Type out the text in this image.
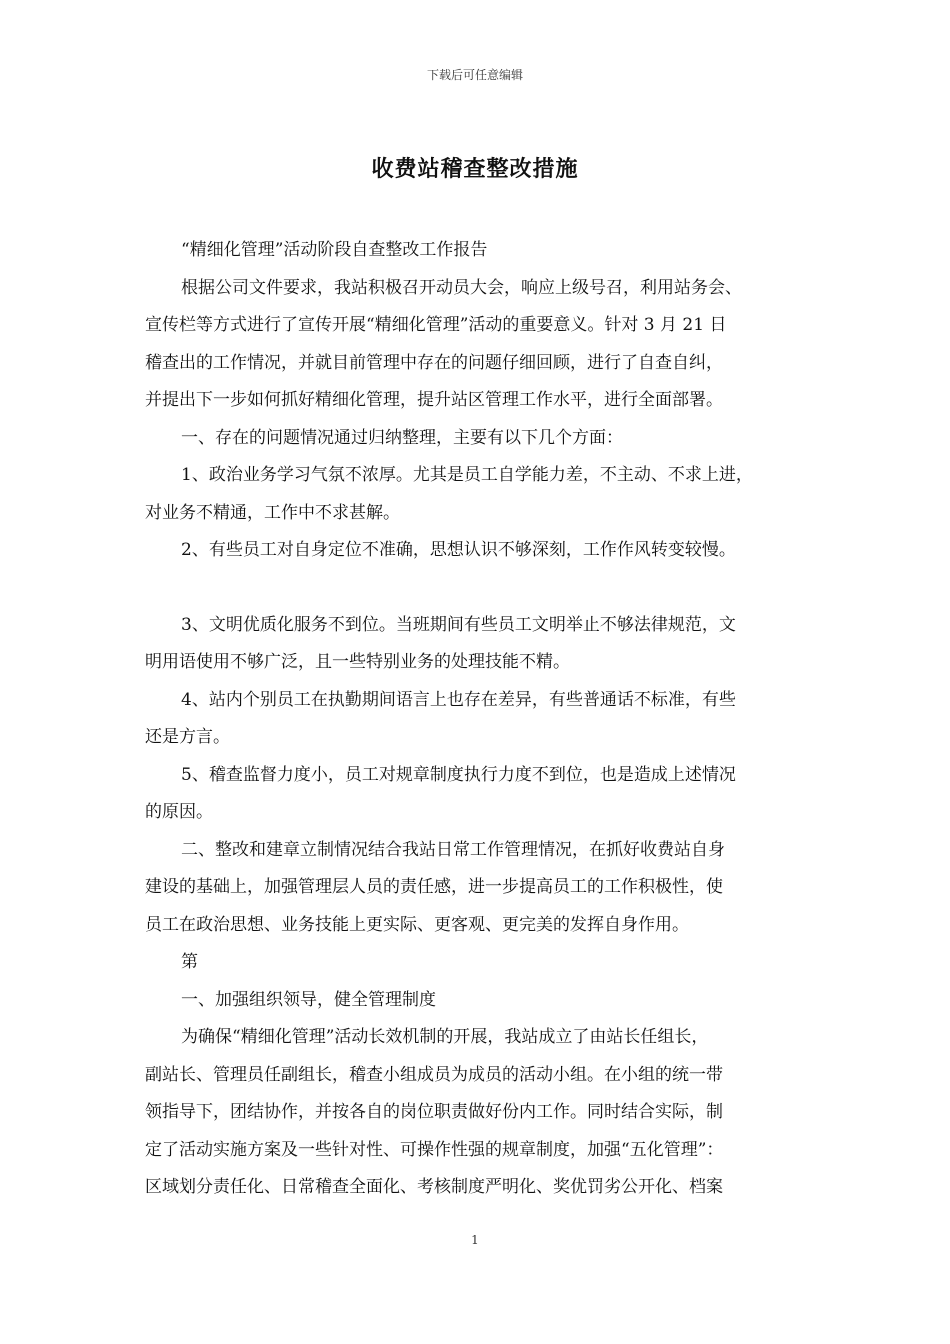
下载后可任意编辑
收费站稽查整改措施

“精细化管理”活动阶段自查整改工作报告

根据公司文件要求，我站积极召开动员大会，响应上级号召，利用站务会、

宣传栏等方式进行了宣传开展“精细化管理”活动的重要意义。针对 3 月 21 日

稽查出的工作情况，并就目前管理中存在的问题仔细回顾，进行了自查自纠，

并提出下一步如何抓好精细化管理，提升站区管理工作水平，进行全面部署。

一、存在的问题情况通过归纳整理，主要有以下几个方面：

1、政治业务学习气氛不浓厚。尤其是员工自学能力差，不主动、不求上进，

对业务不精通，工作中不求甚解。

2、有些员工对自身定位不准确，思想认识不够深刻，工作作风转变较慢。

3、文明优质化服务不到位。当班期间有些员工文明举止不够法律规范，文

明用语使用不够广泛，且一些特别业务的处理技能不精。

4、站内个别员工在执勤期间语言上也存在差异，有些普通话不标准，有些

还是方言。

5、稽查监督力度小，员工对规章制度执行力度不到位，也是造成上述情况

的原因。

二、整改和建章立制情况结合我站日常工作管理情况，在抓好收费站自身

建设的基础上，加强管理层人员的责任感，进一步提高员工的工作积极性，使

员工在政治思想、业务技能上更实际、更客观、更完美的发挥自身作用。

第

一、加强组织领导，健全管理制度

为确保“精细化管理”活动长效机制的开展，我站成立了由站长任组长，

副站长、管理员任副组长，稽查小组成员为成员的活动小组。在小组的统一带

领指导下，团结协作，并按各自的岗位职责做好份内工作。同时结合实际，制

定了活动实施方案及一些针对性、可操作性强的规章制度，加强“五化管理”：

区域划分责任化、日常稽查全面化、考核制度严明化、奖优罚劣公开化、档案

1
